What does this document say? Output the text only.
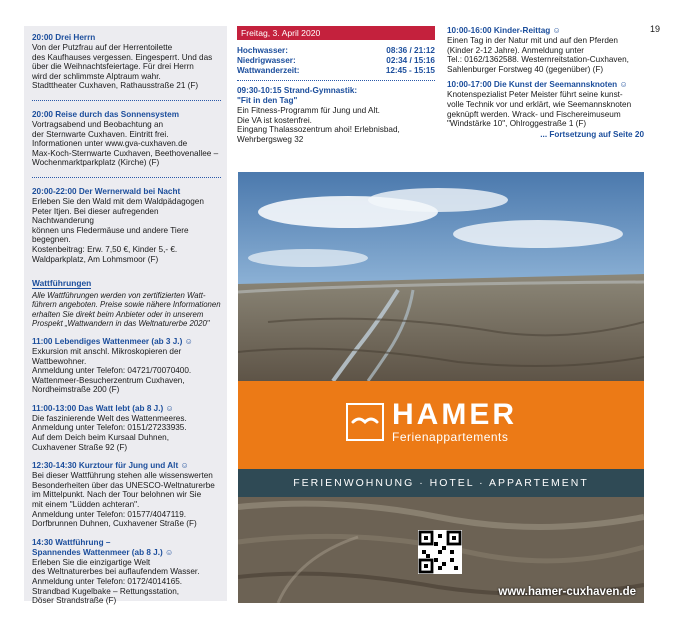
19
20:00 Drei Herrn
Von der Putzfrau auf der Herrentoilette
des Kaufhauses vergessen. Eingesperrt. Und das
über die Weihnachtsfeiertage. Für drei Herrn
wird der schlimmste Alptraum wahr.
Stadttheater Cuxhaven, Rathausstraße 21 (F)
20:00 Reise durch das Sonnensystem
Vortragsabend und Beobachtung an
der Sternwarte Cuxhaven. Eintritt frei.
Informationen unter www.gva-cuxhaven.de
Max-Koch-Sternwarte Cuxhaven, Beethovenallee –
Wochenmarktparkplatz (Kirche) (F)
20:00-22:00 Der Wernerwald bei Nacht
Erleben Sie den Wald mit dem Waldpädagogen
Peter Itjen. Bei dieser aufregenden Nachtwanderung
können uns Fledermäuse und andere Tiere begegnen.
Kostenbeitrag: Erw. 7,50 €, Kinder 5,- €.
Waldparkplatz, Am Lohmsmoor (F)
Wattführungen
Alle Wattführungen werden von zertifizierten Watt-
führern angeboten. Preise sowie nähere Informationen
erhalten Sie direkt beim Anbieter oder in unserem
Prospekt „Wattwandern in das Weltnaturerbe 2020"
11:00 Lebendiges Wattenmeer (ab 3 J.) ☺
Exkursion mit anschl. Mikroskopieren der Wattbewohner.
Anmeldung unter Telefon: 04721/70070400.
Wattenmeer-Besucherzentrum Cuxhaven,
Nordheimstraße 200 (F)
11:00-13:00 Das Watt lebt (ab 8 J.) ☺
Die faszinierende Welt des Wattenmeeres.
Anmeldung unter Telefon: 0151/27233935.
Auf dem Deich beim Kursaal Duhnen,
Cuxhavener Straße 92 (F)
12:30-14:30 Kurztour für Jung und Alt ☺
Bei dieser Wattführung stehen alle wissenswerten
Besonderheiten über das UNESCO-Weltnaturerbe
im Mittelpunkt. Nach der Tour belohnen wir Sie
mit einem "Lüdden achteran".
Anmeldung unter Telefon: 01577/4047119.
Dorfbrunnen Duhnen, Cuxhavener Straße (F)
14:30 Wattführung –
Spannendes Wattenmeer (ab 8 J.) ☺
Erleben Sie die einzigartige Welt
des Weltnaturerbes bei auflaufendem Wasser.
Anmeldung unter Telefon: 0172/4014165.
Strandbad Kugelbake – Rettungsstation,
Döser Strandstraße (F)
Freitag, 3. April 2020
Hochwasser:	08:36 / 21:12
Niedrigwasser:	02:34 / 15:16
Wattwanderzeit:	12:45 - 15:15
09:30-10:15 Strand-Gymnastik:
"Fit in den Tag"
Ein Fitness-Programm für Jung und Alt.
Die VA ist kostenfrei.
Eingang Thalassozentrum ahoi! Erlebnisbad,
Wehrbergsweg 32
10:00-16:00 Kinder-Reittag ☺
Einen Tag in der Natur mit und auf den Pferden
(Kinder 2-12 Jahre). Anmeldung unter
Tel.: 0162/1362588. Westernreitstation-Cuxhaven,
Sahlenburger Forstweg 40 (gegenüber) (F)
10:00-17:00 Die Kunst der Seemannsknoten ☺
Knotenspezialist Peter Meister führt seine kunst-
volle Technik vor und erklärt, wie Seemannsknoten
geknüpft werden. Wrack- und Fischereimuseum
"Windstärke 10", Ohlroggestraße 1 (F)
... Fortsetzung auf Seite 20
HAMER
Ferienappartements
FERIENWOHNUNG · HOTEL · APPARTEMENT
www.hamer-cuxhaven.de
